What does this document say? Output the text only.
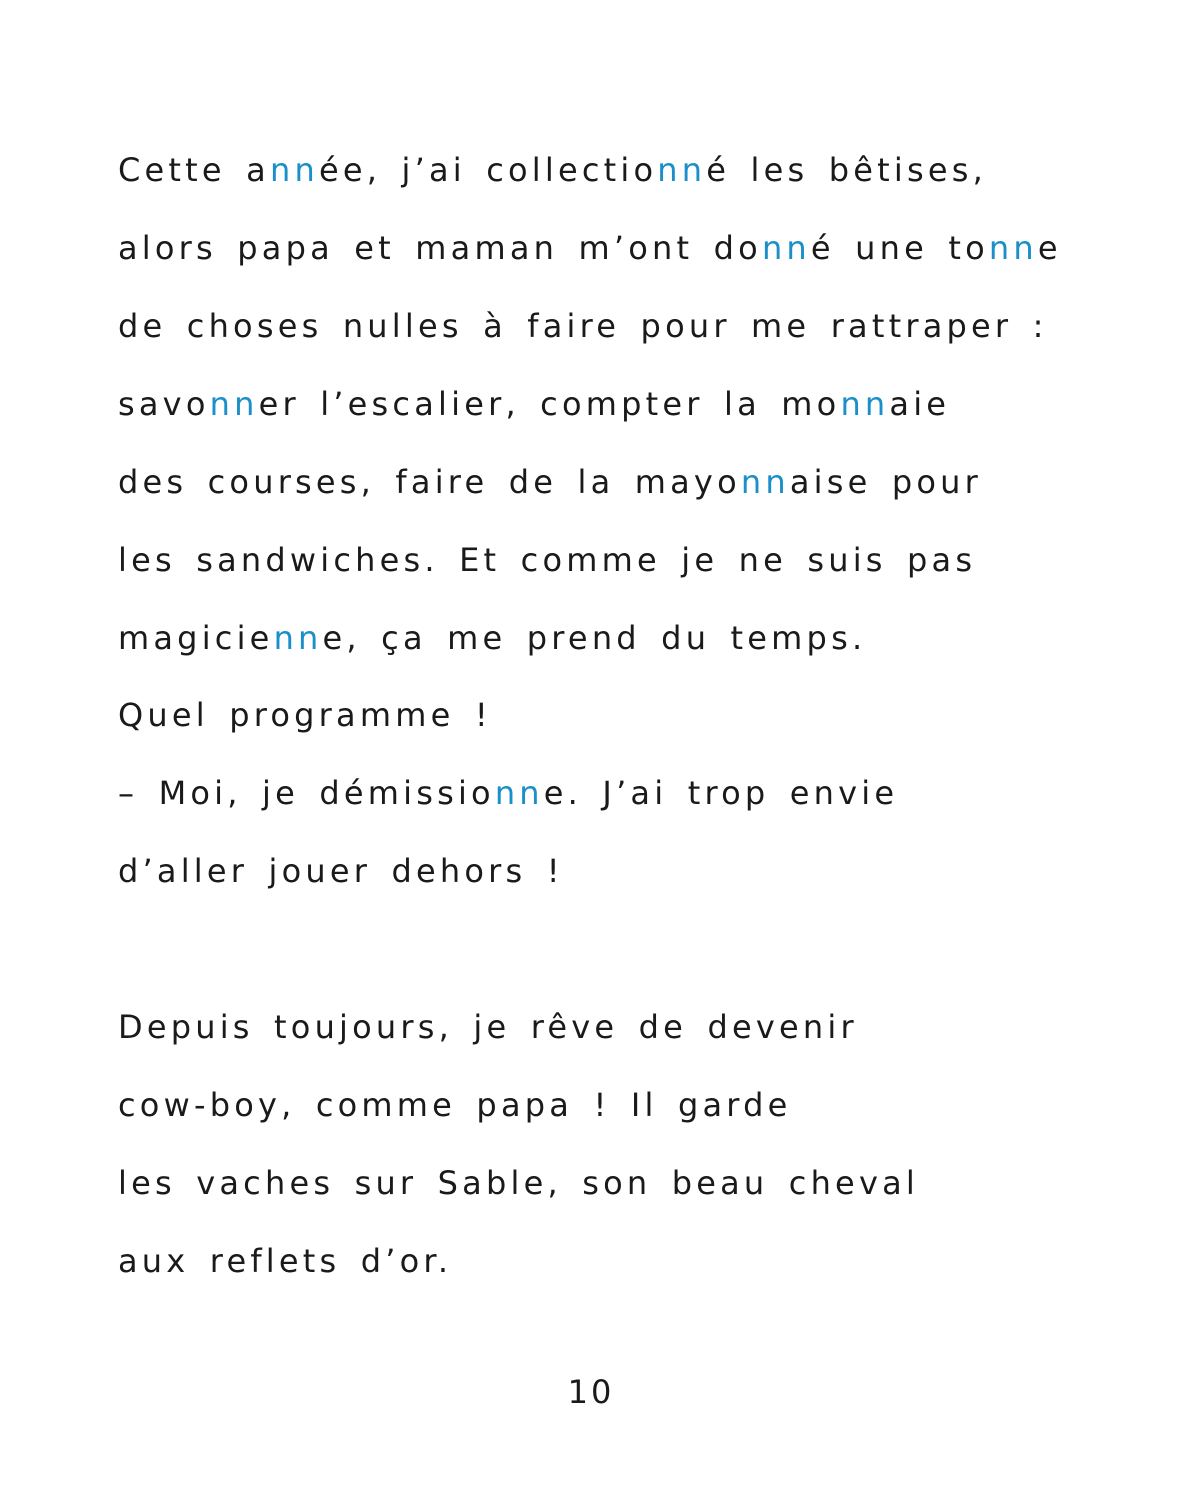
Cette année, j’ai collectionné les bêtises,
alors papa et maman m’ont donné une tonne
de choses nulles à faire pour me rattraper :
savonner l’escalier, compter la monnaie
des courses, faire de la mayonnaise pour
les sandwiches. Et comme je ne suis pas
magicienne, ça me prend du temps.
Quel programme !
– Moi, je démissionne. J’ai trop envie
d’aller jouer dehors !
Depuis toujours, je rêve de devenir
cow-boy, comme papa ! Il garde
les vaches sur Sable, son beau cheval
aux reflets d’or.
10
